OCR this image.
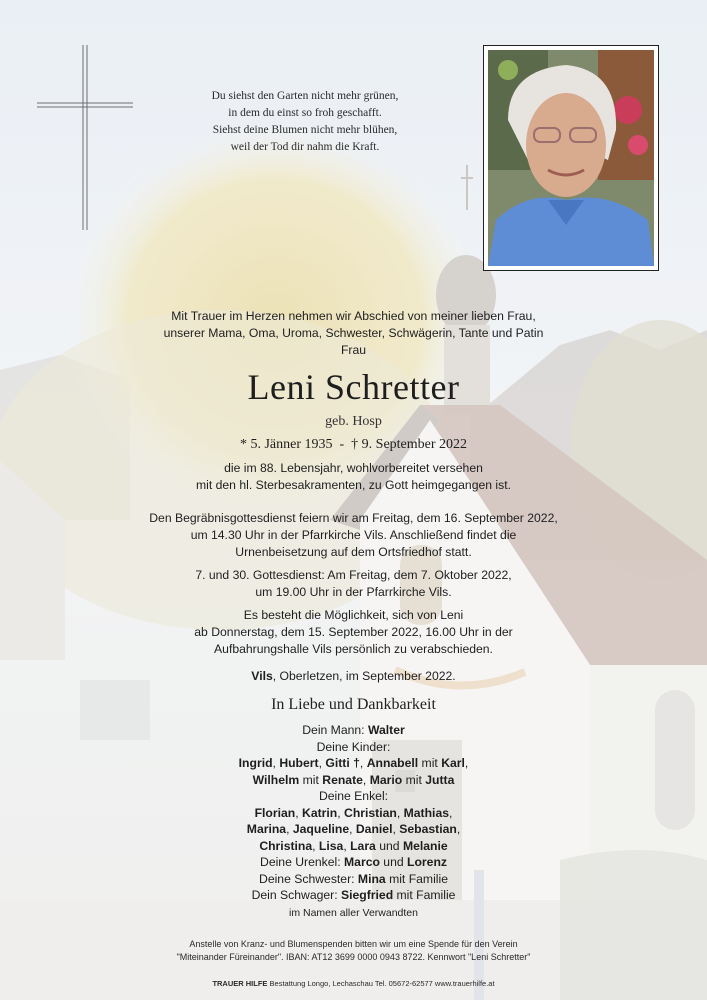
Du siehst den Garten nicht mehr grünen,
in dem du einst so froh geschafft.
Siehst deine Blumen nicht mehr blühen,
weil der Tod dir nahm die Kraft.
Mit Trauer im Herzen nehmen wir Abschied von meiner lieben Frau,
unserer Mama, Oma, Uroma, Schwester, Schwägerin, Tante und Patin
Frau
Leni Schretter
geb. Hosp
* 5. Jänner 1935 - † 9. September 2022
die im 88. Lebensjahr, wohlvorbereitet versehen
mit den hl. Sterbesakramenten, zu Gott heimgegangen ist.
Den Begräbnisgottesdienst feiern wir am Freitag, dem 16. September 2022,
um 14.30 Uhr in der Pfarrkirche Vils. Anschließend findet die
Urnenbeisetzung auf dem Ortsfriedhof statt.
7. und 30. Gottesdienst: Am Freitag, dem 7. Oktober 2022,
um 19.00 Uhr in der Pfarrkirche Vils.
Es besteht die Möglichkeit, sich von Leni
ab Donnerstag, dem 15. September 2022, 16.00 Uhr in der
Aufbahrungshalle Vils persönlich zu verabschieden.
Vils, Oberletzen, im September 2022.
In Liebe und Dankbarkeit
Dein Mann: Walter
Deine Kinder:
Ingrid, Hubert, Gitti †, Annabell mit Karl,
Wilhelm mit Renate, Mario mit Jutta
Deine Enkel:
Florian, Katrin, Christian, Mathias,
Marina, Jaqueline, Daniel, Sebastian,
Christina, Lisa, Lara und Melanie
Deine Urenkel: Marco und Lorenz
Deine Schwester: Mina mit Familie
Dein Schwager: Siegfried mit Familie
im Namen aller Verwandten
Anstelle von Kranz- und Blumenspenden bitten wir um eine Spende für den Verein
"Miteinander Füreinander". IBAN: AT12 3699 0000 0943 8722. Kennwort "Leni Schretter"
TRAUER HILFE Bestattung Longo, Lechaschau Tel. 05672-62577 www.trauerhilfe.at
